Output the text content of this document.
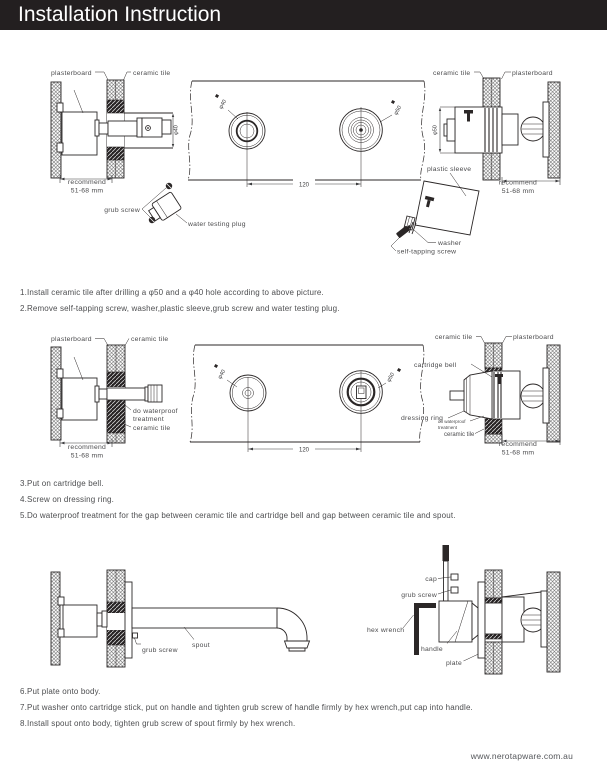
Installation Instruction
φ40
plasterboard	ceramic tile
recommend
51-68 mm
grub screw
water testing plug
φ40
φ50
120
φ50
ceramic tile	plasterboard
recommend
51-68 mm
plastic sleeve
washer
self-tapping screw

1.Install ceramic tile after drilling a φ50 and a φ40 hole according to above picture.

2.Remove self-tapping screw, washer,plastic sleeve,grub screw and water testing plug.

plasterboard	ceramic tile
do waterproof
treatment
ceramic tile
recommend
51-68 mm
φ40	φ50
120
ceramic tile	plasterboard
cartridge bell
dressing ring
do waterproof
treatment
ceramic tile
recommend
51-68 mm

3.Put on cartridge bell.

4.Screw on dressing ring.

5.Do waterproof treatment for the gap between ceramic tile and cartridge bell and gap between ceramic tile and spout.

grub screw
spout
cap
grub screw
hex wrench
handle
plate

6.Put plate onto body.

7.Put washer onto cartridge stick, put on handle and tighten grub screw of handle firmly by hex wrench,put cap into handle.

8.Install spout onto body, tighten grub screw of spout firmly by hex wrench.

www.nerotapware.com.au
